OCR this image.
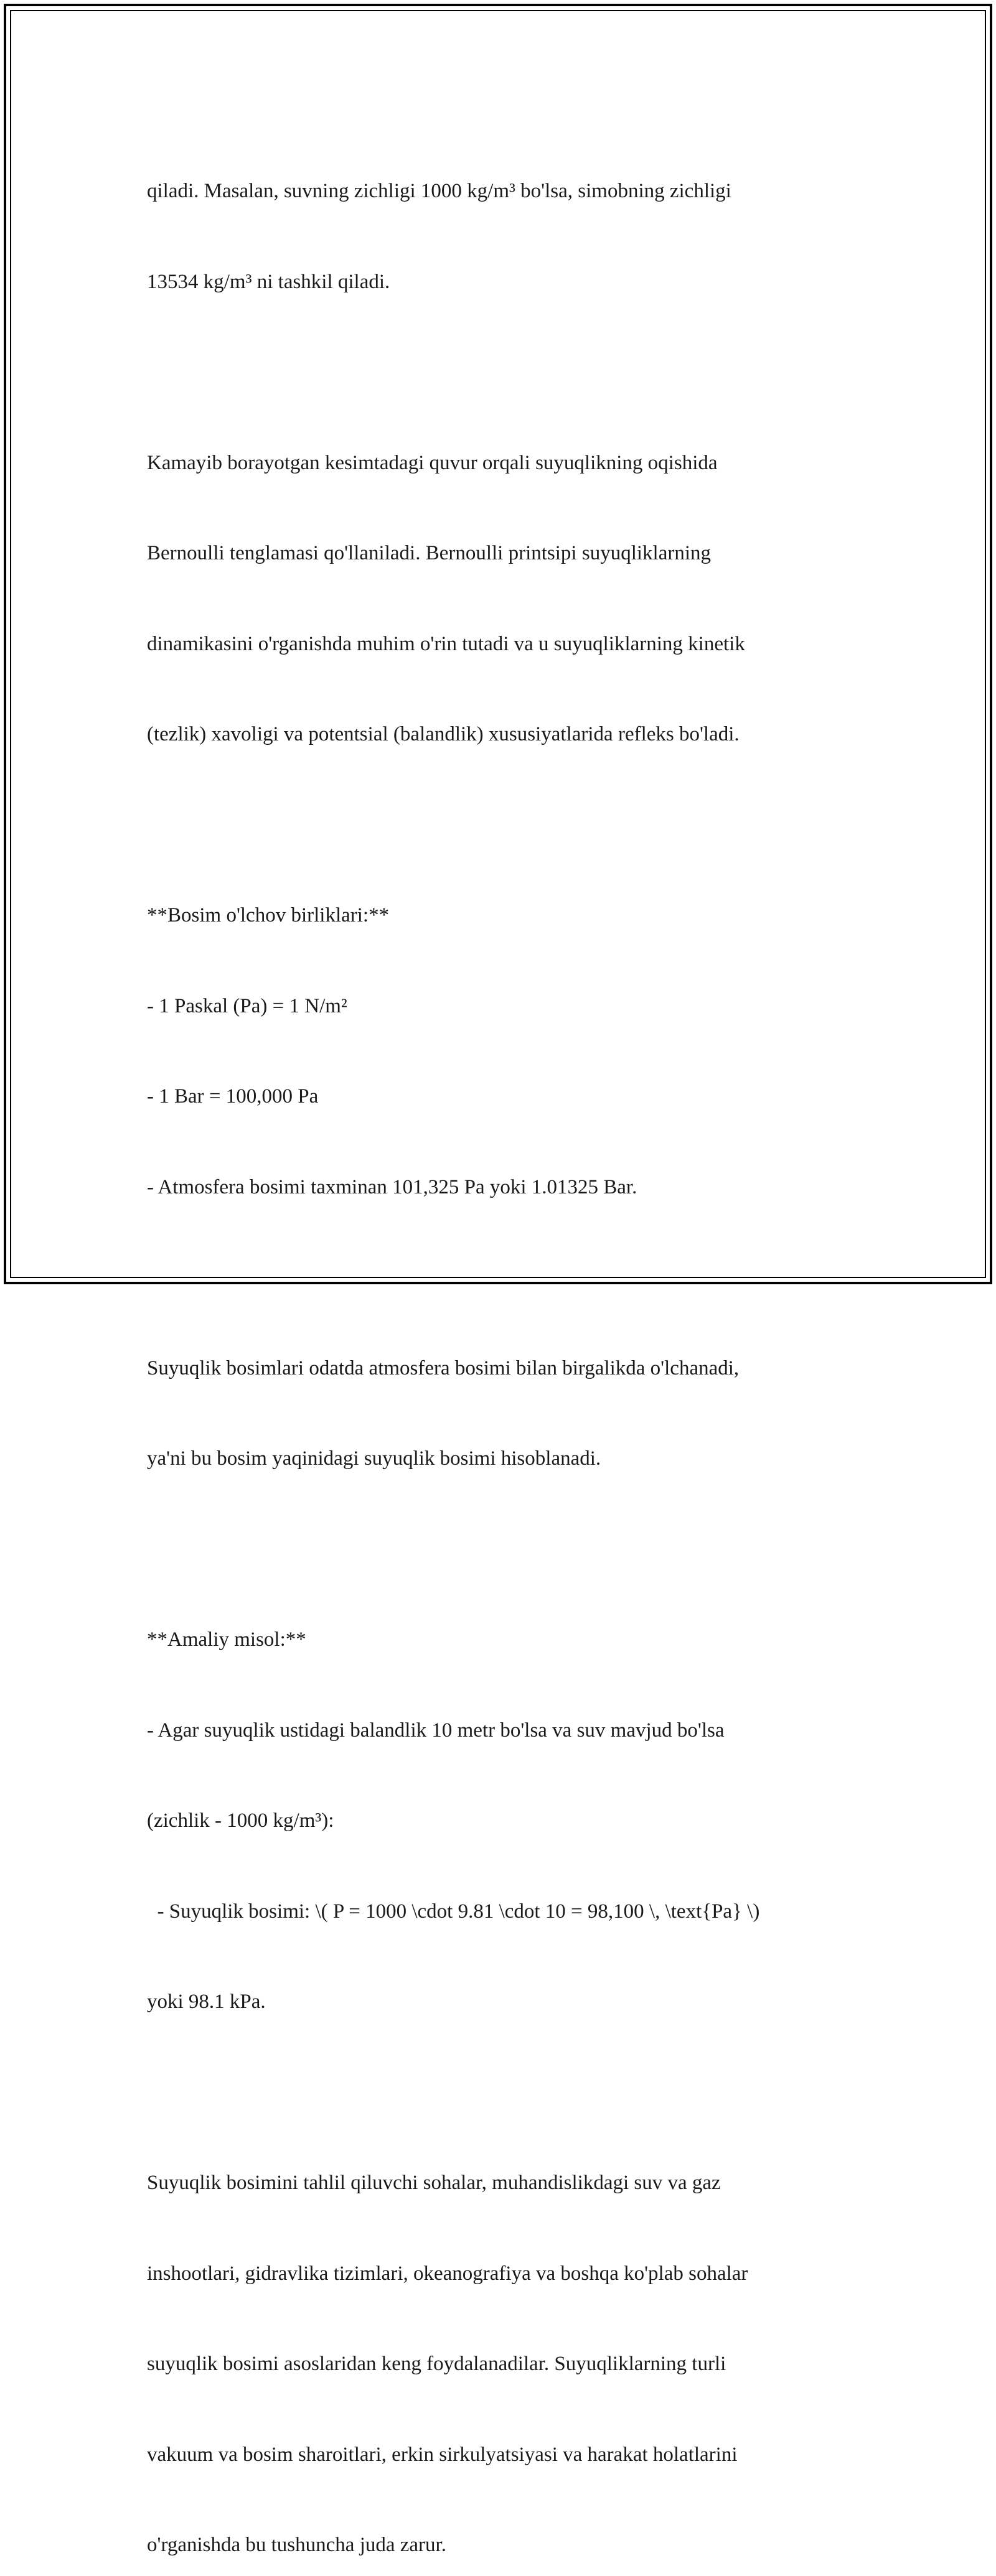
qiladi. Masalan, suvning zichligi 1000 kg/m³ bo'lsa, simobning zichligi

13534 kg/m³ ni tashkil qiladi.

Kamayib borayotgan kesimtadagi quvur orqali suyuqlikning oqishida

Bernoulli tenglamasi qo'llaniladi. Bernoulli printsipi suyuqliklarning

dinamikasini o'rganishda muhim o'rin tutadi va u suyuqliklarning kinetik

(tezlik) xavoligi va potentsial (balandlik) xususiyatlarida refleks bo'ladi.

**Bosim o'lchov birliklari:**

- 1 Paskal (Pa) = 1 N/m²

- 1 Bar = 100,000 Pa

- Atmosfera bosimi taxminan 101,325 Pa yoki 1.01325 Bar.

Suyuqlik bosimlari odatda atmosfera bosimi bilan birgalikda o'lchanadi,

ya'ni bu bosim yaqinidagi suyuqlik bosimi hisoblanadi.

**Amaliy misol:**

- Agar suyuqlik ustidagi balandlik 10 metr bo'lsa va suv mavjud bo'lsa

(zichlik - 1000 kg/m³):

- Suyuqlik bosimi: \( P = 1000 \cdot 9.81 \cdot 10 = 98,100 \, \text{Pa} \)

yoki 98.1 kPa.

Suyuqlik bosimini tahlil qiluvchi sohalar, muhandislikdagi suv va gaz

inshootlari, gidravlika tizimlari, okeanografiya va boshqa ko'plab sohalar

suyuqlik bosimi asoslaridan keng foydalanadilar. Suyuqliklarning turli

vakuum va bosim sharoitlari, erkin sirkulyatsiyasi va harakat holatlarini

o'rganishda bu tushuncha juda zarur.
